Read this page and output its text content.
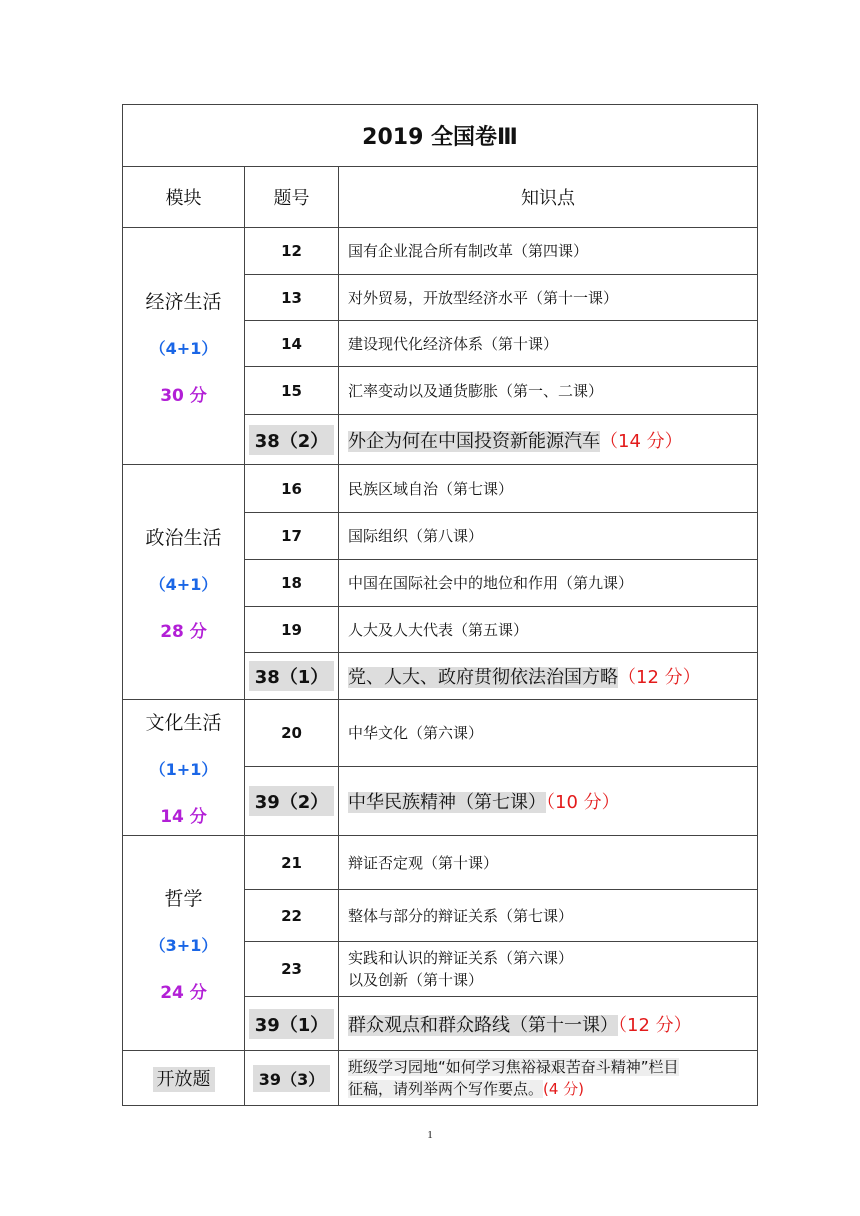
2019 全国卷Ⅲ		
模块	题号	知识点

经济生活
（4+1）
30 分	12	国有企业混合所有制改革（第四课）
	13	对外贸易，开放型经济水平（第十一课）
	14	建设现代化经济体系（第十课）
	15	汇率变动以及通货膨胀（第一、二课）
	38（2）	外企为何在中国投资新能源汽车（14 分）

政治生活
（4+1）
28 分	16	民族区域自治（第七课）
	17	国际组织（第八课）
	18	中国在国际社会中的地位和作用（第九课）
	19	人大及人大代表（第五课）
	38（1）	党、人大、政府贯彻依法治国方略（12 分）

文化生活
（1+1）
14 分	20	中华文化（第六课）
	39（2）	中华民族精神（第七课）（10 分）

哲学
（3+1）
24 分	21	辩证否定观（第十课）
	22	整体与部分的辩证关系（第七课）
	23	实践和认识的辩证关系（第六课）
以及创新（第十课）

	39（1）	群众观点和群众路线（第十一课）（12 分）
开放题	39（3）	班级学习园地“如何学习焦裕禄艰苦奋斗精神”栏目
征稿，请列举两个写作要点。(4 分)
1
